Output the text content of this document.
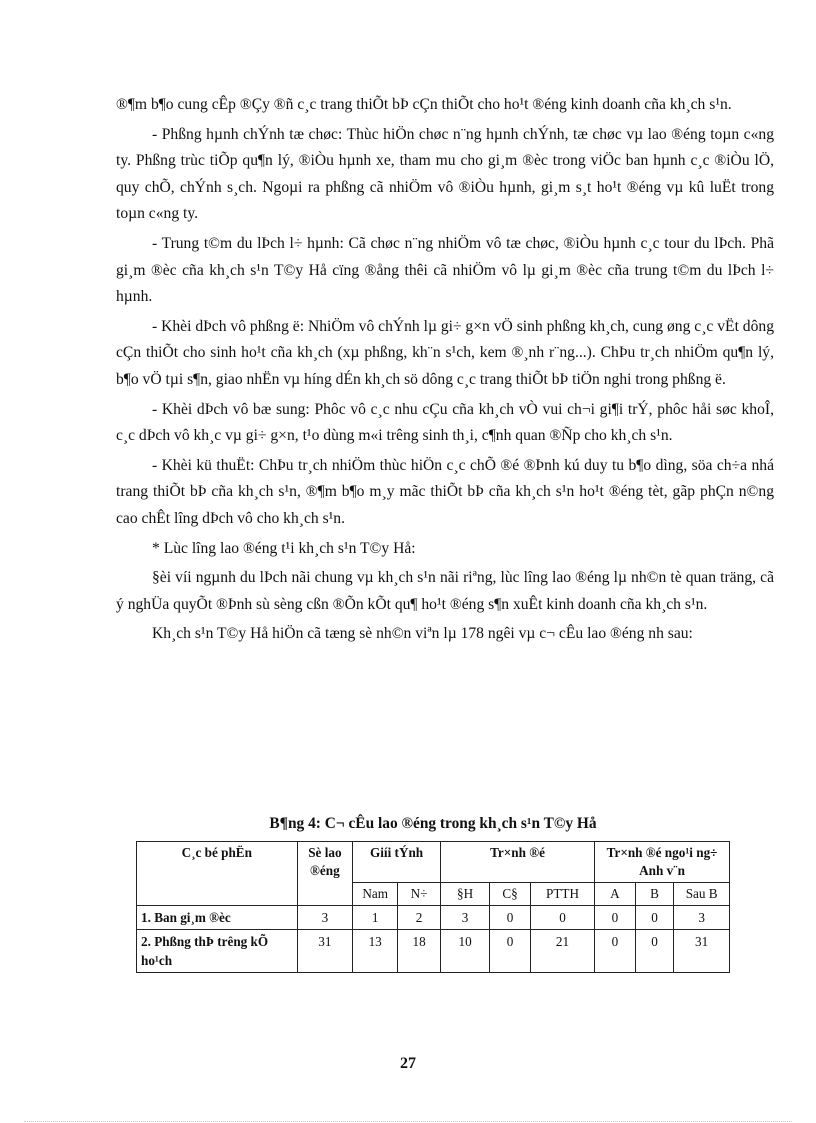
®¶m b¶o cung cÊp ®Çy ®ñ c¸c trang thiÕt bÞ cÇn thiÕt cho ho¹t ®éng kinh doanh cña kh¸ch s¹n.

- Phßng hµnh chÝnh tæ chøc: Thùc hiÖn chøc n¨ng hµnh chÝnh, tæ chøc vµ lao ®éng toµn c«ng ty. Phßng trùc tiÕp qu¶n lý, ®iÒu hµnh xe, tham mu cho gi¸m ®èc trong viÖc ban hµnh c¸c ®iÒu lÖ, quy chÕ, chÝnh s¸ch. Ngoµi ra phßng cã nhiÖm vô ®iÒu hµnh, gi¸m s¸t ho¹t ®éng vµ kû luËt trong toµn c«ng ty.

- Trung t©m du lÞch l÷ hµnh: Cã chøc n¨ng nhiÖm vô tæ chøc, ®iÒu hµnh c¸c tour du lÞch. Phã gi¸m ®èc cña kh¸ch s¹n T©y Hå cïng ®ång thêi cã nhiÖm vô lµ gi¸m ®èc cña trung t©m du lÞch l÷ hµnh.

- Khèi dÞch vô phßng ë: NhiÖm vô chÝnh lµ gi÷ g×n vÖ sinh phßng kh¸ch, cung øng c¸c vËt dông cÇn thiÕt cho sinh ho¹t cña kh¸ch (xµ phßng, kh¨n s¹ch, kem ®¸nh r¨ng...). ChÞu tr¸ch nhiÖm qu¶n lý, b¶o vÖ tµi s¶n, giao nhËn vµ híng dÉn kh¸ch sö dông c¸c trang thiÕt bÞ tiÖn nghi trong phßng ë.

- Khèi dÞch vô bæ sung: Phôc vô c¸c nhu cÇu cña kh¸ch vÒ vui ch¬i gi¶i trÝ, phôc håi søc khoÎ, c¸c dÞch vô kh¸c vµ gi÷ g×n, t¹o dùng m«i trêng sinh th¸i, c¶nh quan ®Ñp cho kh¸ch s¹n.

- Khèi kü thuËt: ChÞu tr¸ch nhiÖm thùc hiÖn c¸c chÕ ®é ®Þnh kú duy tu b¶o dìng, söa ch÷a nhá trang thiÕt bÞ cña kh¸ch s¹n, ®¶m b¶o m¸y mãc thiÕt bÞ cña kh¸ch s¹n ho¹t ®éng tèt, gãp phÇn n©ng cao chÊt lîng dÞch vô cho kh¸ch s¹n.

* Lùc lîng lao ®éng t¹i kh¸ch s¹n T©y Hå:

§èi víi ngµnh du lÞch nãi chung vµ kh¸ch s¹n nãi riªng, lùc lîng lao ®éng lµ nh©n tè quan träng, cã ý nghÜa quyÕt ®Þnh sù sèng cßn ®Õn kÕt qu¶ ho¹t ®éng s¶n xuÊt kinh doanh cña kh¸ch s¹n.

Kh¸ch s¹n T©y Hå hiÖn cã tæng sè nh©n viªn lµ 178 ngêi vµ c¬ cÊu lao ®éng nh sau:

B¶ng 4: C¬ cÊu lao ®éng trong kh¸ch s¹n T©y Hå
C¸c bé phËn	Sè lao ®éng	Giíi tÝnh		Tr×nh ®é			Tr×nh ®é ngo¹i ng÷ Anh v¨n		
		Nam	N÷	§H	C§	PTTH	A	B	Sau B
1. Ban gi¸m ®èc	3	1	2	3	0	0	0	0	3
2. Phßng thÞ trêng kÕ ho¹ch	31	13	18	10	0	21	0	0	31
27
